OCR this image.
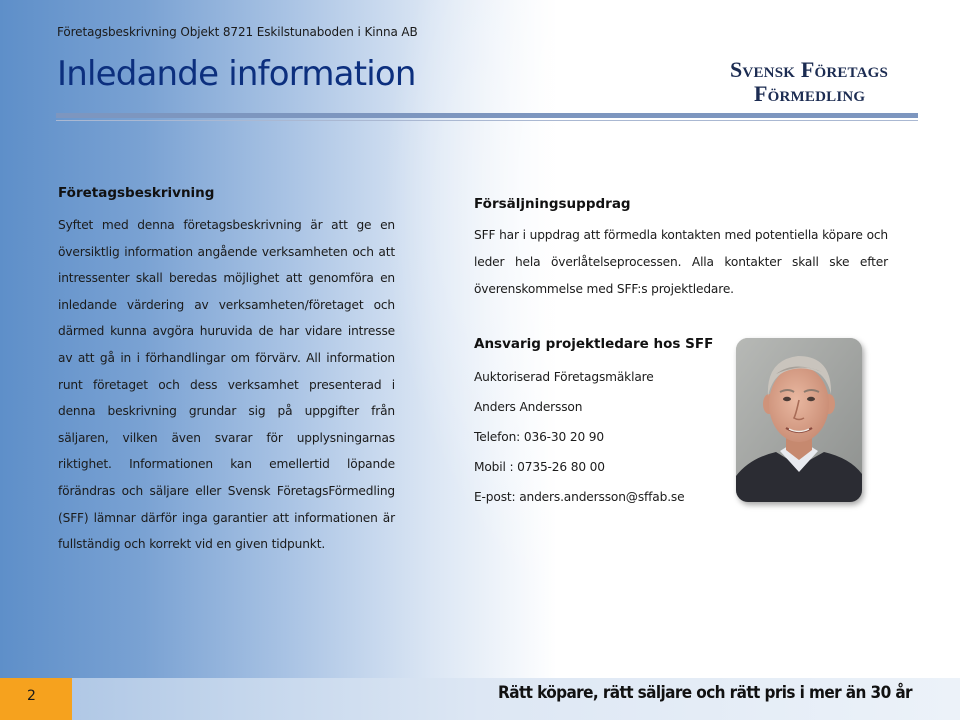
Företagsbeskrivning Objekt 8721 Eskilstunaboden i Kinna AB
Inledande information	Svensk Företags
Förmedling

Företagsbeskrivning

Syftet med denna företagsbeskrivning är att ge en översiktlig information angående verksamheten och att intressenter skall beredas möjlighet att genomföra en inledande värdering av verksamheten/företaget och därmed kunna avgöra huruvida de har vidare intresse av att gå in i förhandlingar om förvärv. All information runt företaget och dess verksamhet presenterad i denna beskrivning grundar sig på uppgifter från säljaren, vilken även svarar för upplysningarnas riktighet. Informationen kan emellertid löpande förändras och säljare eller Svensk FöretagsFörmedling (SFF) lämnar därför inga garantier att informationen är fullständig och korrekt vid en given tidpunkt.

Försäljningsuppdrag

SFF har i uppdrag att förmedla kontakten med potentiella köpare och leder hela överlåtelseprocessen. Alla kontakter skall ske efter överenskommelse med SFF:s projektledare.

Ansvarig projektledare hos SFF

Auktoriserad Företagsmäklare
Anders Andersson
Telefon: 036-30 20 90
Mobil : 0735-26 80 00
E-post: anders.andersson@sffab.se
2	Rätt köpare, rätt säljare och rätt pris i mer än 30 år
